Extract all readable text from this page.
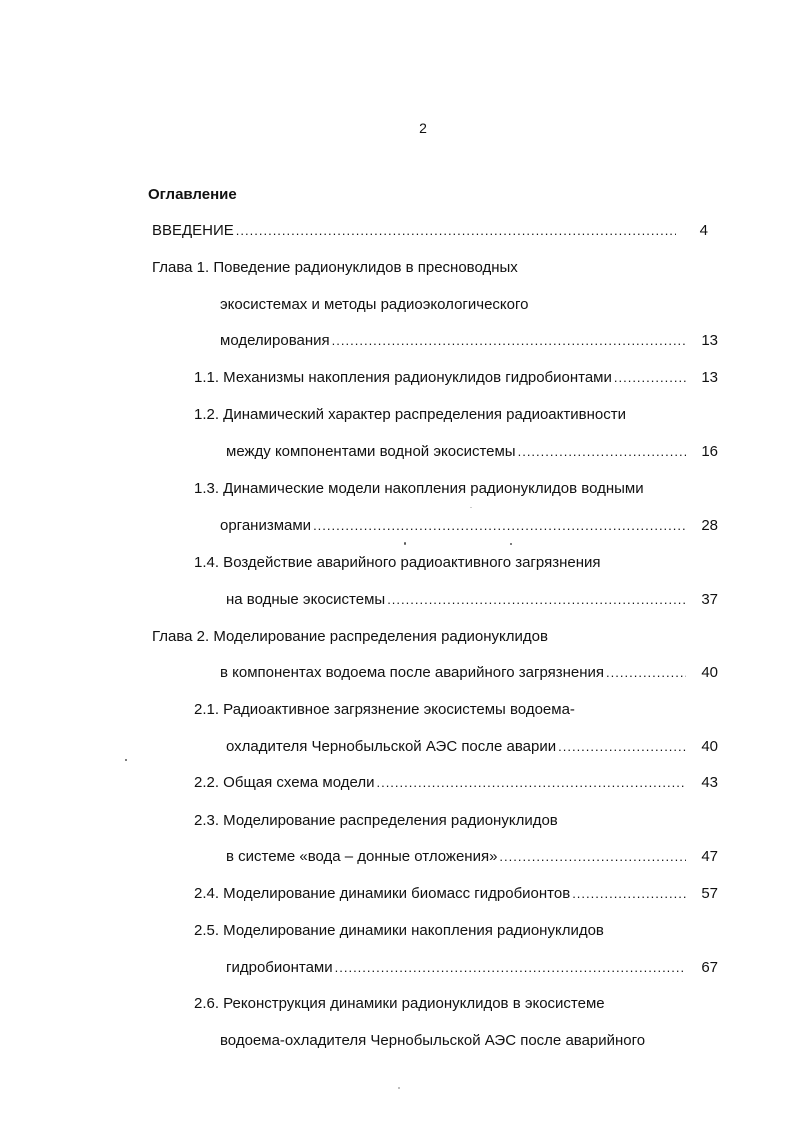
2
Оглавление
ВВЕДЕНИЕ .....	4
Глава 1. Поведение радионуклидов в пресноводных
экосистемах и методы радиоэкологического
моделирования .....	13
1.1. Механизмы накопления радионуклидов гидробионтами .....	13
1.2. Динамический характер распределения радиоактивности
между компонентами водной экосистемы .....	16
1.3. Динамические модели накопления радионуклидов водными
организмами .....	28
1.4. Воздействие аварийного радиоактивного загрязнения
на водные экосистемы .....	37
Глава 2. Моделирование распределения радионуклидов
в компонентах водоема после аварийного загрязнения .....	40
2.1. Радиоактивное загрязнение экосистемы водоема-
охладителя Чернобыльской АЭС после аварии .....	40
2.2. Общая схема модели .....	43
2.3. Моделирование распределения радионуклидов
в системе «вода – донные отложения» .....	47
2.4. Моделирование динамики биомасс гидробионтов .....	57
2.5. Моделирование динамики накопления радионуклидов
гидробионтами .....	67
2.6. Реконструкция динамики радионуклидов в экосистеме
водоема-охладителя Чернобыльской АЭС после аварийного
